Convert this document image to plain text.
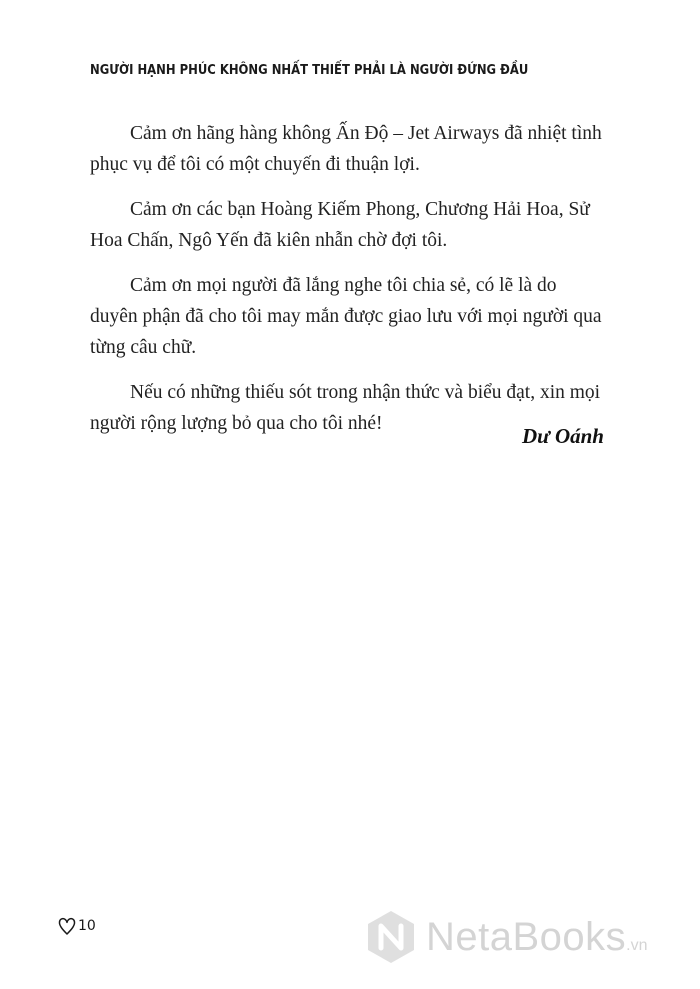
NGƯỜI HẠNH PHÚC KHÔNG NHẤT THIẾT PHẢI LÀ NGƯỜI ĐỨNG ĐẦU

Cảm ơn hãng hàng không Ấn Độ – Jet Airways đã nhiệt tình phục vụ để tôi có một chuyến đi thuận lợi.

Cảm ơn các bạn Hoàng Kiếm Phong, Chương Hải Hoa, Sử Hoa Chấn, Ngô Yến đã kiên nhẫn chờ đợi tôi.

Cảm ơn mọi người đã lắng nghe tôi chia sẻ, có lẽ là do duyên phận đã cho tôi may mắn được giao lưu với mọi người qua từng câu chữ.

Nếu có những thiếu sót trong nhận thức và biểu đạt, xin mọi người rộng lượng bỏ qua cho tôi nhé!

Dư Oánh
10	NetaBooks.vn
